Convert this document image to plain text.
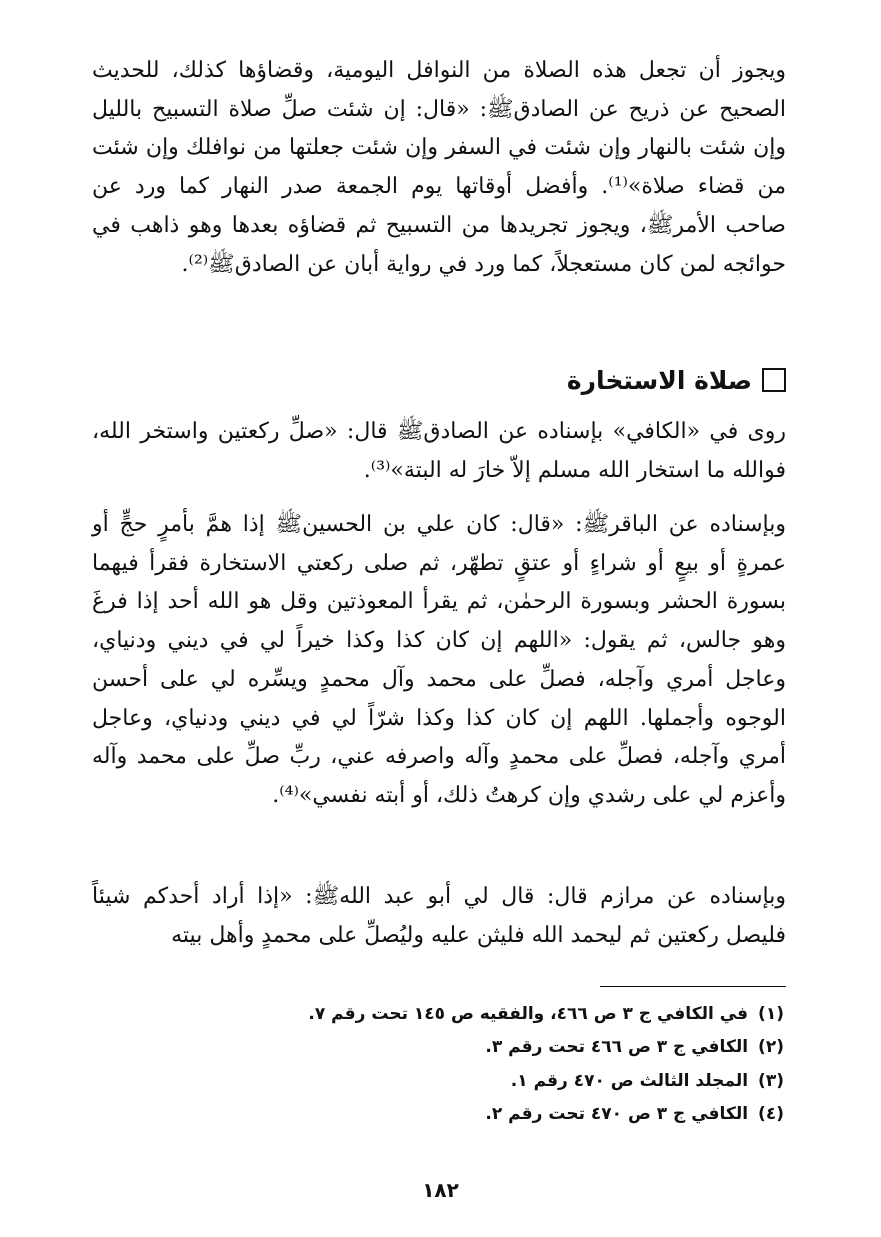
ويجوز أن تجعل هذه الصلاة من النوافل اليومية، وقضاؤها كذلك، للحديث الصحيح عن ذريح عن الصادقﷺ: «قال: إن شئت صلِّ صلاة التسبيح بالليل وإن شئت بالنهار وإن شئت في السفر وإن شئت جعلتها من نوافلك وإن شئت من قضاء صلاة»⁽¹⁾. وأفضل أوقاتها يوم الجمعة صدر النهار كما ورد عن صاحب الأمرﷺ، ويجوز تجريدها من التسبيح ثم قضاؤه بعدها وهو ذاهب في حوائجه لمن كان مستعجلاً، كما ورد في رواية أبان عن الصادقﷺ⁽²⁾.

صلاة الاستخارة

روى في «الكافي» بإسناده عن الصادقﷺ قال: «صلِّ ركعتين واستخر الله، فوالله ما استخار الله مسلم إلاّ خارَ له البتة»⁽³⁾.

وبإسناده عن الباقرﷺ: «قال: كان علي بن الحسينﷺ إذا همَّ بأمرٍ حجٍّ أو عمرةٍ أو بيعٍ أو شراءٍ أو عتقٍ تطهّر، ثم صلى ركعتي الاستخارة فقرأ فيهما بسورة الحشر وبسورة الرحمٰن، ثم يقرأ المعوذتين وقل هو الله أحد إذا فرغَ وهو جالس، ثم يقول: «اللهم إن كان كذا وكذا خيراً لي في ديني ودنياي، وعاجل أمري وآجله، فصلِّ على محمد وآل محمدٍ ويسِّره لي على أحسن الوجوه وأجملها. اللهم إن كان كذا وكذا شرّاً لي في ديني ودنياي، وعاجل أمري وآجله، فصلِّ على محمدٍ وآله واصرفه عني، ربِّ صلِّ على محمد وآله وأعزم لي على رشدي وإن كرهتُ ذلك، أو أبته نفسي»⁽⁴⁾.

وبإسناده عن مرازم قال: قال لي أبو عبد اللهﷺ: «إذا أراد أحدكم شيئاً فليصل ركعتين ثم ليحمد الله فليثن عليه وليُصلِّ على محمدٍ وأهل بيته

(١)
في الكافي ج ٣ ص ٤٦٦، والفقيه ص ١٤٥ تحت رقم ٧.
(٢)
الكافي ج ٣ ص ٤٦٦ تحت رقم ٣.
(٣)
المجلد الثالث ص ٤٧٠ رقم ١.
(٤)
الكافي ج ٣ ص ٤٧٠ تحت رقم ٢.
١٨٢
